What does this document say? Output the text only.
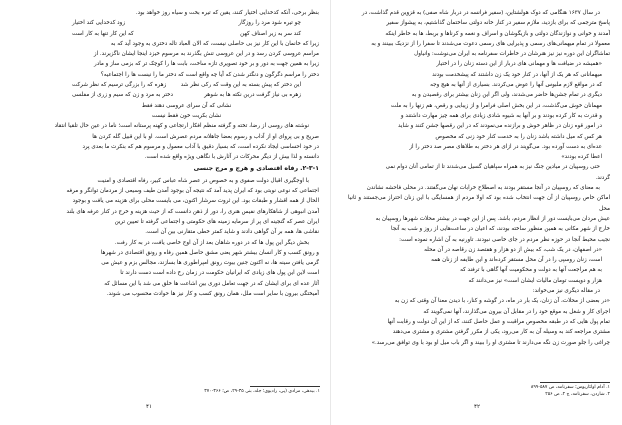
بنظر برخی، آنکه کدخدایی اختیار کنند، یقین که تیره بخت و سیاه روز خواهد بود.

چو تیره شود مرد را روزگار
زود کدخدایی کند اختیار
کند سر به زیر اصناف کهن
که این کار تنها به کار است

زیرا که خانمان با این کار نیز بی حاصلی نیست، که الان العباد تاله دختری به وجود آید که به

مراسم عروسی کردن رسد و در این عروسی تنش بگذرند به مرسوم خیزد اینجا ایشان ناگزیرند. از

زیرا به همین جهت به دور و بر خود تصویری تازه ساخت، بابت ها را کوچک تر که بزمی ساز و مادر

دختر را مراسم دگرگون و دنگتر شدن که آیا چه واقع است که دختر ما را نیست ها را اجتماعیه؟

این دختر که پیش بسته به این وقت که رکی نظر شد
زهره که را بزرگی ترسیم که نظر شرکت
زهره بی نیاز گرفت درین نکته ها به شوهر
دختر به مرد و زن که سیم و زری از مفلسی

نشانی که آن سرای عروسی دهند فقط

نشان بکریت خون فقط نیست

نوشته های روسی از رضا، تخته و گرفته منظم افکار ارتجاعی و کهنه پرستانه است؛ ناما در عین حال تلقیا انتقاد

صریح و بی پروای او از آداب و رسوم بعضا جاهلانه مردم عصرش است. او با این قبیل گله کردن ها

در خود احساسی ایجاد نکرده است، که بسیار دقیق با آداب معمول و مرسوم هم که بنکرت ما بعدی پرد

دانسته و لذا بیش از دیگر محرکات در آثارش با نگاهی ویژه واقع شده است.

۲-۳-۱. رفاه اقتصادی و هرج و مرج جنسی

با اوجگیری اقبال دولت صفوی و به خصوص در عصر شاه عباس کبیر، رفاه اقتصادی و امنیت

اجتماعی که نوعی نوبتی بود که ایران پدید آمد که نتیجه آن بوجود آمدن طیف وسیعی از مردمان توانگر و مرفه

الحال از همه اقشار و طبقات بود. این ثروت سرشار اکنون، می بایست محلی برای هزینه می یافت و بوجود

آمدن انبوهی از شاهکارهای نفیس هنری را، دور از ذهن دانست که از حیث هزینه و خرج در کنار عرفه های بلند

ایران عصر که گنجینه ای پر از سرمایه زمینه های حکومتی و اجتماعی گرفته تا تعیین ترین

نقاشی ها، همه بر آن گواهی دادند و شاید کمتر خطی متقارنی بین آن است.

بخش دیگر این پول ها که در دوره شاهان بعد از آن اوج خاصی یافت، در به کار رفت.

و رونق کسب و کار انسان بیشتر شهر یعنی مشق حاصل همین رفاه و رونق اقتصادی در شهرها

گرمی یافتن سینه ها، نه اکنون جنین بیوت رونق امپراطوری ها بسازند، مجالس بزم و عیش می

است لاین این پول های زیادی که ایرانیان حکومت در زمان رخ داده است دست دارند تا

آثار عده ای برای ایشان که در جهت تعامل دوری بین اشاعت ها خلق می شد با این مسائل که

آمیختگی بیرون با سایر است ملل، همان رونق کسب و کار نیز ها حوادث محسوب می شوند.

۱. بیدهی، مرادی (پی، رادیوی؛ جلد، بنی ۳۵-۲۹، ص؛ ۳۶۶-۳۷۰
۴۱

در سال ۱۶۳۷ هنگامی که دوک هولشتاین، (سفیر فرانسه در دربار شاه صفی) به قزوین قدم گذاشت، در

پاسخ مترجمی که برای بازدید، ملازم سفیر در کنار خانه دولتی ساختمان گذاشتیم، به پیشواز سفیر

آمدند و خوانی و نوازندگان دولتی و بازیگوشان و اسراف و نغمه و کرناها و بربط، ها به خاطر اینکه

معمولا در تمام میهمانی‌های رسمی و پذیرایی های رسمی دعوت می‌شدند تا سفرا را از نزدیک ببینند و به

تماشاگران این دوره نیز نیز هنرشان در خاطرات سفرنامه به ایران می‌نوشت: وانیاول

«همیشه در ضیافت ها و مهمانی های دربار از این دسته زنان را در اختیار

میهمانانی که هر یک از آنها، در کنار خود یک زن داشتند که پیشخدمت بودند

که در مواقع لازم ملبوس آنها را عوض می‌کردند. بسیاری از آنها به هیچ وجه

دیگری در تمام جشن‌ها حاضر می‌شدند، ولی اگر این زنان بیشتر برای رقصیدن و به

مهمانان خوش می‌گذشت، در این بخش اصلی فرامرا و از زیبایی و رقص، هم زنها را به ملت

و قدرت به کار کرده بودند و بر آنها به شیوه شادی زیادی برای همه چیز مهارت داشتند و

در امور قوه زنان در ظاهر خوش و برازنده می‌نمودند که در این رقصها جشن کنند و شاید

هر کس که میل داشته باشد زنان را به خدمت کنار خود زنی که مخصوص

عده‌ای به دست آورده بود. می‌گویند در ازای هر دختر به طلاهای مصر صد دختر را از

اعطا کرده بودند»

حتی روسپیان در میادین جنگ نیز به همراه سپاهیان گسیل می‌شدند تا از تمامی آنان دوام نمی

گردند.

به معنای که روسپیان در آنجا مستقر بودند به اصطلاح خرابات نهان می‌گفتند. در محلی فاحشه نشاندن

اماکن خاص روسپیان از آن جهت انتخاب شده بود که اولا مردم از همسایگی با این زنان احتراز می‌جستند و ثانیا محل

عیش مردان می‌بایست دور از انظار مردم، باشد. پس از این جهت در بیشتر محلات شهرها روسپیان به

خارج از شهر مکانی به همین منظور ساخته بودند، که اعیان در ساعت‌هایی از روز و شب به آنجا

نجیب محیط آنجا در حوزه نظر مردم در جای خاصی نبودند. تاورنیه به آن اشاره نموده است:

«در اصفهان، در یک شب، که بیش از دو هزار و هفتصد زن رقاصه در آن محله

است، زنان روسپی را در آن محل مستقر کرده‌اند و این طایفه از زنان همه

به هم مراجعت آنها به دولت و محکومیت آنها گاهی با ترفند که

هزار و دویست تومان مالیات ایشان است» نیز می‌دانند که

در مقاله دیگری نیز می‌خواند:

«در بعضی از محلات، آن زنان، یک بار در ماه، در گوشه و کنار، با دیدن معنا آن وقتی که زن به

اجرای کار و شغل به موقع خود را در مقابل آن بیرون می‌گذارند، آنها نمی‌گویند که

تمام پول هایی که در طبقه مخصوص مراقبت و عمل حاصل کنند، که از این آن دولت و رقابت آنها

مشتری مراجعه کند به وسیله آن به کار می‌رود، یکی از مکرر گرفتن مشتری و مشتری می‌دهند

چراغی را جلو صورت زن نگه می‌دارند تا مشتری او را ببیند و اگر باب میل او بود با وی توافق می‌رسد.»

۱. آدام اولئاریوس؛ سفرنامه، ص ۵۸۷-۸۹۹
۲. شاردن، سفرنامه، ج ۲، ص ۲۵۶
۴۲
